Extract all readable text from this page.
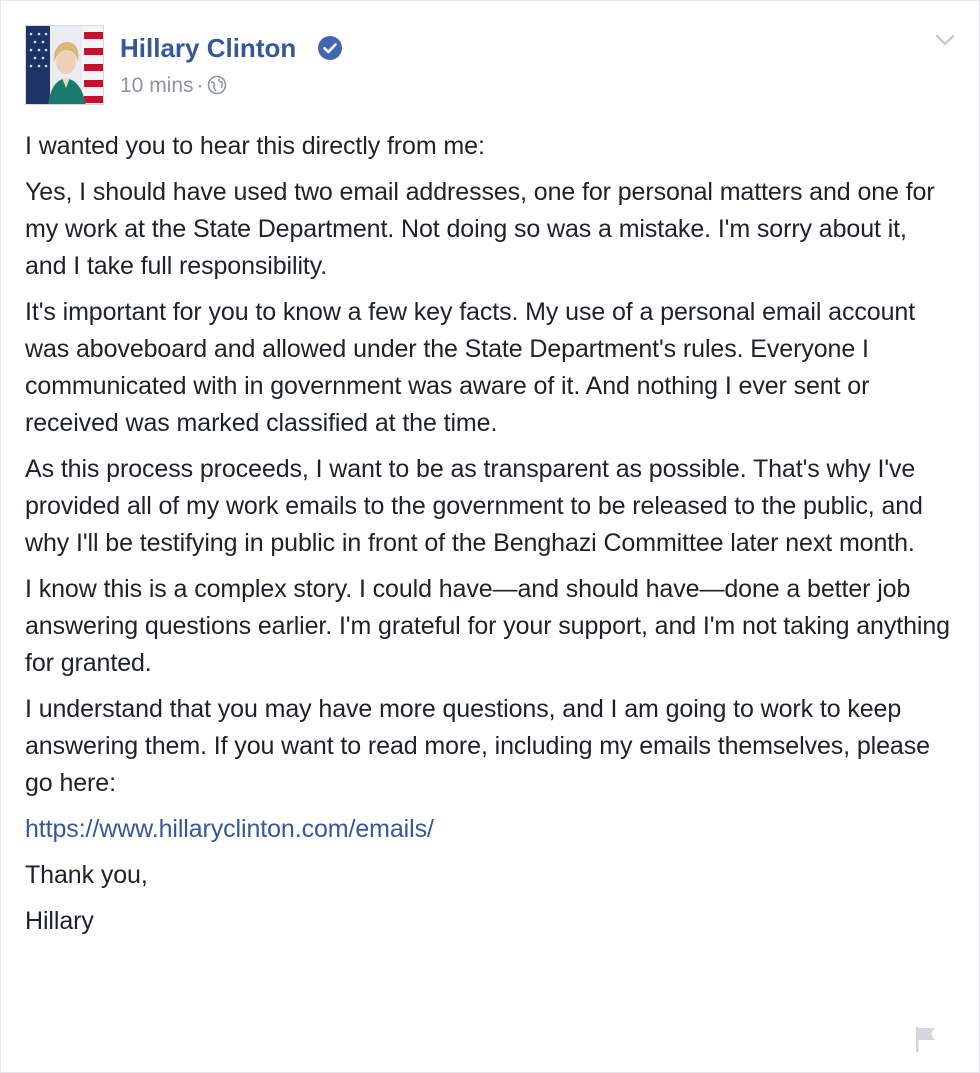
Hillary Clinton
10 mins ·

I wanted you to hear this directly from me:

Yes, I should have used two email addresses, one for personal matters and one for my work at the State Department. Not doing so was a mistake. I'm sorry about it, and I take full responsibility.

It's important for you to know a few key facts. My use of a personal email account was aboveboard and allowed under the State Department's rules. Everyone I communicated with in government was aware of it. And nothing I ever sent or received was marked classified at the time.

As this process proceeds, I want to be as transparent as possible. That's why I've provided all of my work emails to the government to be released to the public, and why I'll be testifying in public in front of the Benghazi Committee later next month.

I know this is a complex story. I could have—and should have—done a better job answering questions earlier. I'm grateful for your support, and I'm not taking anything for granted.

I understand that you may have more questions, and I am going to work to keep answering them. If you want to read more, including my emails themselves, please go here:

https://www.hillaryclinton.com/emails/

Thank you,

Hillary
